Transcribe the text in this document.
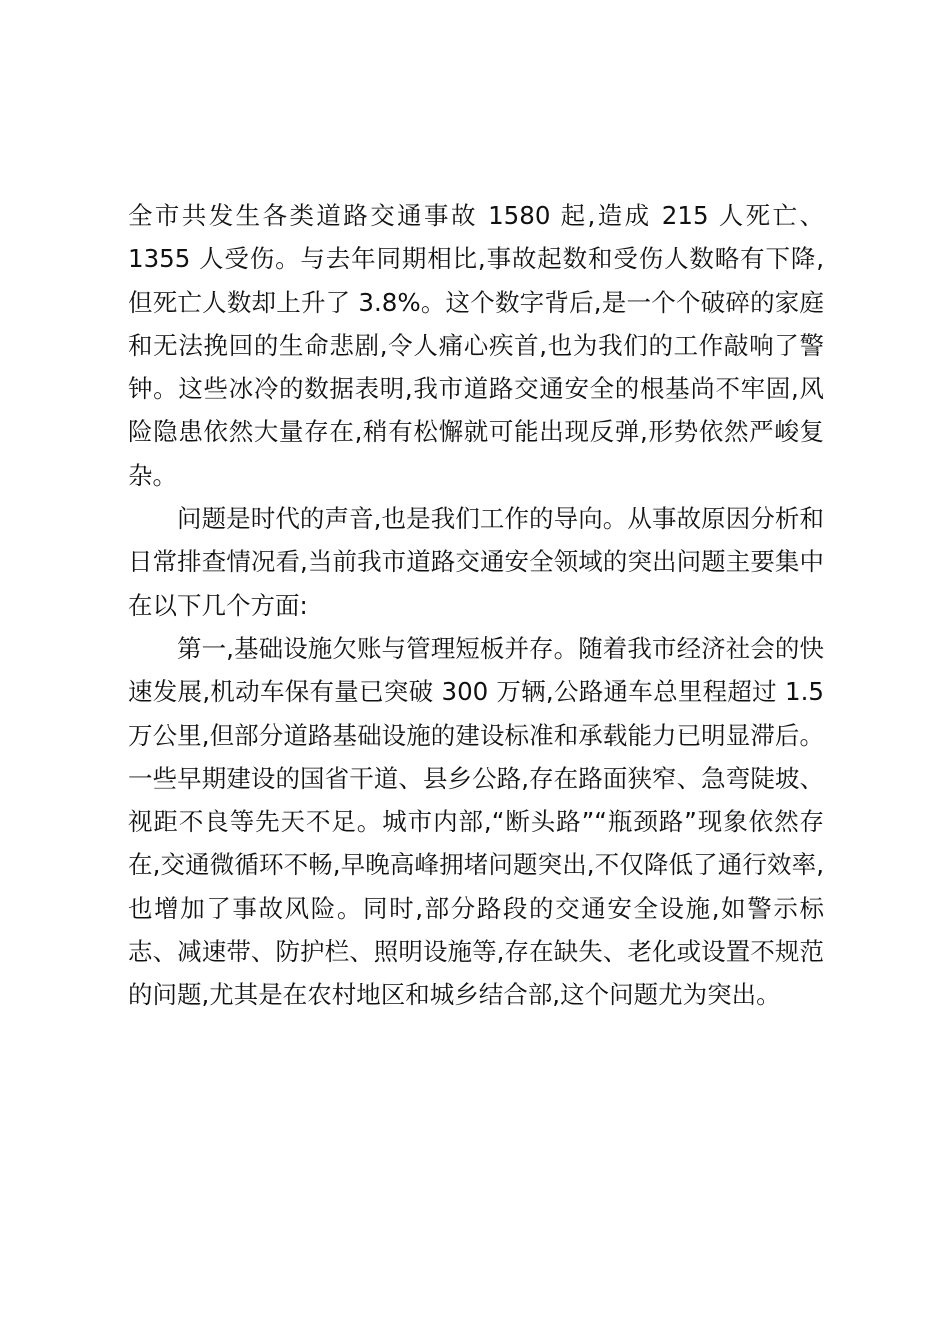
全市共发生各类道路交通事故 1580 起,造成 215 人死亡、1355 人受伤。与去年同期相比,事故起数和受伤人数略有下降,但死亡人数却上升了 3.8%。这个数字背后,是一个个破碎的家庭和无法挽回的生命悲剧,令人痛心疾首,也为我们的工作敲响了警钟。这些冰冷的数据表明,我市道路交通安全的根基尚不牢固,风险隐患依然大量存在,稍有松懈就可能出现反弹,形势依然严峻复杂。

问题是时代的声音,也是我们工作的导向。从事故原因分析和日常排查情况看,当前我市道路交通安全领域的突出问题主要集中在以下几个方面:

第一,基础设施欠账与管理短板并存。随着我市经济社会的快速发展,机动车保有量已突破 300 万辆,公路通车总里程超过 1.5 万公里,但部分道路基础设施的建设标准和承载能力已明显滞后。一些早期建设的国省干道、县乡公路,存在路面狭窄、急弯陡坡、视距不良等先天不足。城市内部,“断头路”“瓶颈路”现象依然存在,交通微循环不畅,早晚高峰拥堵问题突出,不仅降低了通行效率,也增加了事故风险。同时,部分路段的交通安全设施,如警示标志、减速带、防护栏、照明设施等,存在缺失、老化或设置不规范的问题,尤其是在农村地区和城乡结合部,这个问题尤为突出。
